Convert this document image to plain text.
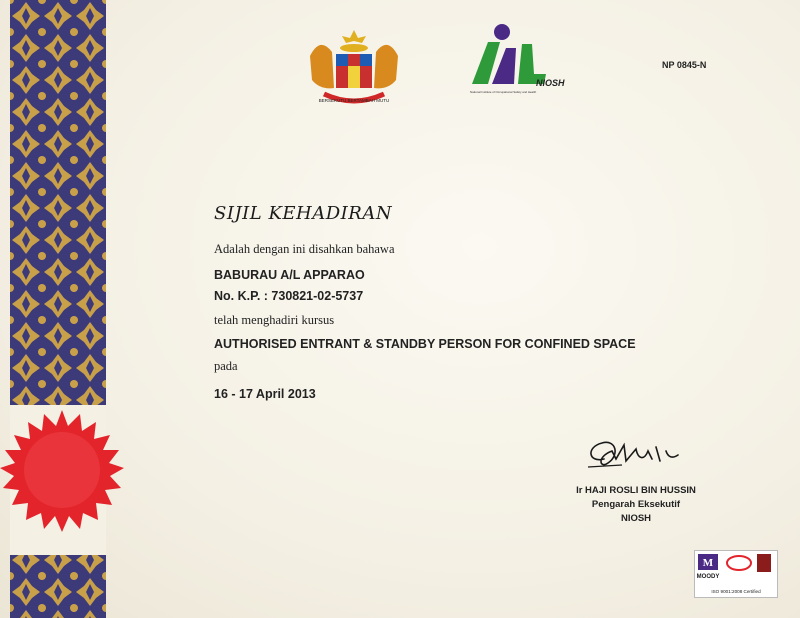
BERSEKUTU BERTAMBAH MUTU
NIOSH
National Institute of Occupational Safety and Health
NP 0845-N
SIJIL KEHADIRAN
Adalah dengan ini disahkan bahawa
BABURAU A/L APPARAO
No. K.P. : 730821-02-5737
telah menghadiri kursus
AUTHORISED ENTRANT & STANDBY PERSON FOR CONFINED SPACE
pada
16 - 17 April 2013
Ir HAJI ROSLI BIN HUSSIN
Pengarah Eksekutif
NIOSH
M
MOODY
ISO 9001:2008 Certified
